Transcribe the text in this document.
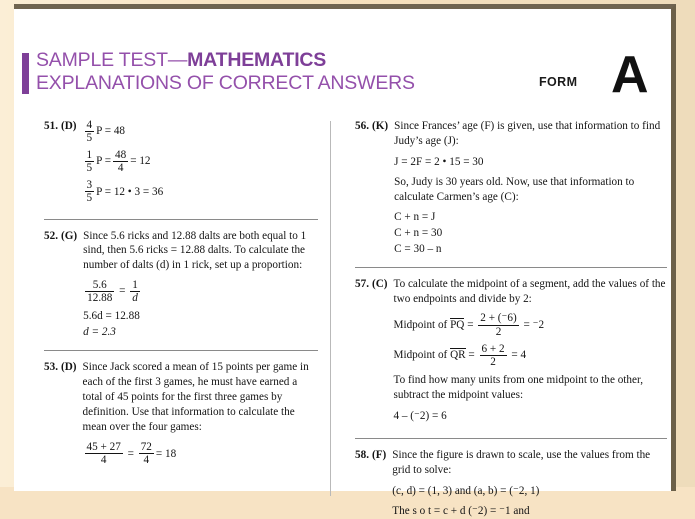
SAMPLE TEST—MATHEMATICS
EXPLANATIONS OF CORRECT ANSWERS	FORM A
51. $(D) \frac{4}{5}$ P = 48
$\frac{1}{5}$ $P = \frac{48}{4} = 12$
$\frac{3}{5}$ P = 12 • 3 = 36
52. (G) Since 5.6 ricks and 12.88 dalts are both equal to 1 sind, then 5.6 ricks = 12.88 dalts. To calculate the number of dalts (d) in 1 rick, set up a proportion:

$\frac{5.6}{12.88} = \frac{1}{d}$
5.6d = 12.88
d = 2.3
53. (D) Since Jack scored a mean of 15 points per game in each of the first 3 games, he must have earned a total of 45 points for the first three games by definition. Use that information to calculate the mean over the four games:

$\frac{45 + 27}{4} = \frac{72}{4} = 18$
56. (K) Since Frances’ age (F) is given, use that information to find Judy’s age (J):

J = 2F = 2 • 15 = 30

So, Judy is 30 years old. Now, use that information to calculate Carmen’s age (C):

C + n = J
C + n = 30
C = 30 – n
57. (C) To calculate the midpoint of a segment, add the values of the two endpoints and divide by 2:

Midpoint of PQ = $\frac{2 + (^-6)}{2} = ^-2$
Midpoint of QR = $\frac{6 + 2}{2} = 4$

To find how many units from one midpoint to the other, subtract the midpoint values:

4 – (⁻2) = 6
58. (F) Since the figure is drawn to scale, use the values from the grid to solve:

(c, d) = (1, 3) and (a, b) = (⁻2, 1)
The s o t = c + d (⁻2) = ⁻1 and
